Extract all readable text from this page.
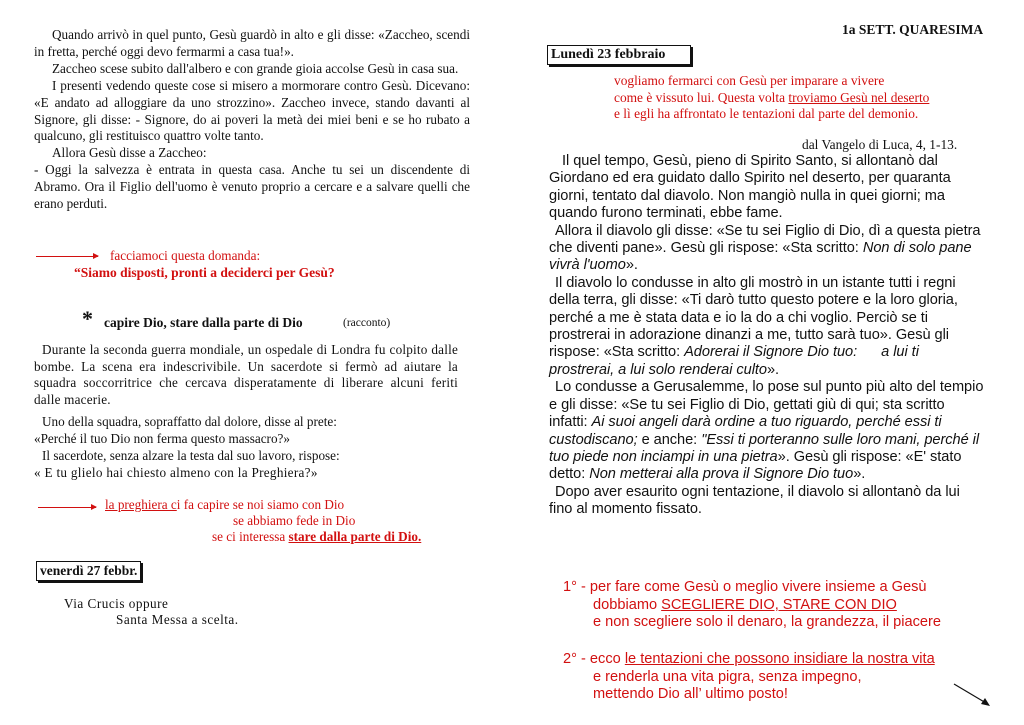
Quando arrivò in quel punto, Gesù guardò in alto e gli disse: «Zaccheo, scendi in fretta, perché oggi devo fermarmi a casa tua!».

Zaccheo scese subito dall'albero e con grande gioia accolse Gesù in casa sua.

I presenti vedendo queste cose si misero a mormorare contro Gesù. Dicevano: «E andato ad alloggiare da uno strozzino». Zaccheo invece, stando davanti al Signore, gli disse: - Signore, do ai poveri la metà dei miei beni e se ho rubato a qualcuno, gli restituisco quattro volte tanto.

Allora Gesù disse a Zaccheo:

- Oggi la salvezza è entrata in questa casa. Anche tu sei un discendente di Abramo. Ora il Figlio dell'uomo è venuto proprio a cercare e a salvare quelli che erano perduti.

facciamoci questa domanda:
“Siamo disposti, pronti a deciderci per Gesù?
* capire Dio, stare dalla parte di Dio	(racconto)
Durante la seconda guerra mondiale, un ospedale di Londra fu colpito dalle bombe. La scena era indescrivibile. Un sacerdote si fermò ad aiutare la squadra soccorritrice che cercava disperatamente di liberare alcuni feriti dalle macerie.

Uno della squadra, sopraffatto dal dolore, disse al prete:

«Perché il tuo Dio non ferma questo massacro?»

Il sacerdote, senza alzare la testa dal suo lavoro, rispose:

« E tu glielo hai chiesto almeno con la Preghiera?»

la preghiera ci fa capire se noi siamo con Dio
se abbiamo fede in Dio
se ci interessa stare dalla parte di Dio.
venerdì 27 febbr.
Via Crucis oppure
Santa Messa a scelta.
1a SETT. QUARESIMA
Lunedì 23 febbraio
vogliamo fermarci con Gesù per imparare a vivere
come è vissuto lui. Questa volta troviamo Gesù nel deserto
e lì egli ha affrontato le tentazioni dal parte del demonio.
dal Vangelo di Luca, 4, 1-13.

Il quel tempo, Gesù, pieno di Spirito Santo, si allontanò dal Giordano ed era guidato dallo Spirito nel deserto, per quaranta giorni, tentato dal diavolo. Non mangiò nulla in quei giorni; ma quando furono terminati, ebbe fame.

Allora il diavolo gli disse: «Se tu sei Figlio di Dio, dì a questa pietra che diventi pane». Gesù gli rispose: «Sta scritto: Non di solo pane vivrà l'uomo».

Il diavolo lo condusse in alto gli mostrò in un istante tutti i regni della terra, gli disse: «Ti darò tutto questo potere e la loro gloria, perché a me è stata data e io la do a chi voglio. Perciò se ti prostrerai in adorazione dinanzi a me, tutto sarà tuo». Gesù gli rispose: «Sta scritto: Adorerai il Signore Dio tuo:      a lui ti prostrerai, a lui solo renderai culto».

Lo condusse a Gerusalemme, lo pose sul punto più alto del tempio e gli disse: «Se tu sei Figlio di Dio, gettati giù di qui; sta scritto infatti: Ai suoi angeli darà ordine a tuo riguardo, perché essi ti custodiscano; e anche: "Essi ti porteranno sulle loro mani, perché il tuo piede non inciampi in una pietra». Gesù gli rispose: «E' stato detto: Non metterai alla prova il Signore Dio tuo».

Dopo aver esaurito ogni tentazione, il diavolo si allontanò da lui fino al momento fissato.

1° - per fare come Gesù o meglio vivere insieme a Gesù
dobbiamo SCEGLIERE DIO, STARE CON DIO
e non scegliere solo il denaro, la grandezza, il piacere
2° - ecco le tentazioni che possono insidiare la nostra vita
e renderla una vita pigra, senza impegno,
mettendo Dio all’ ultimo posto!
